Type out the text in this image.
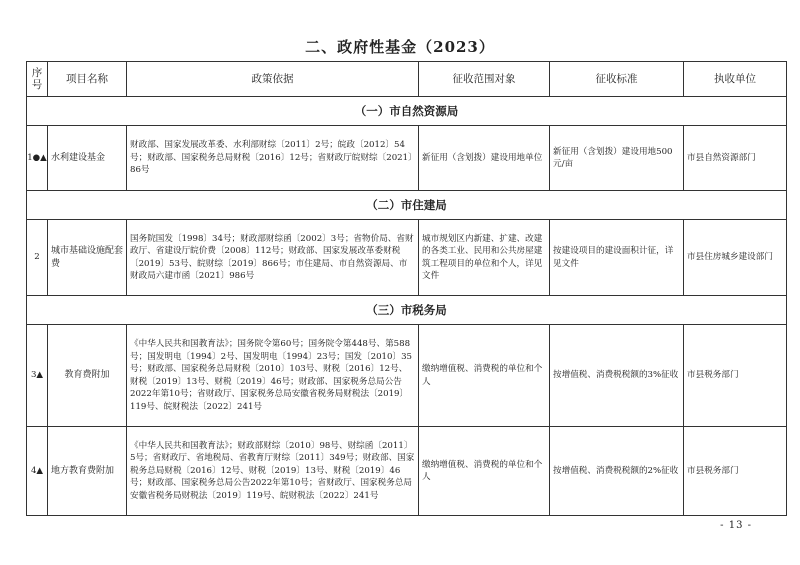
二、政府性基金（2023）
序号	项目名称	政策依据	征收范围对象	征收标准	执收单位
（一）市自然资源局					
1●▲	水利建设基金	财政部、国家发展改革委、水利部财综〔2011〕2号；皖政〔2012〕54号；财政部、国家税务总局财税〔2016〕12号；省财政厅皖财综〔2021〕86号	新征用（含划拨）建设用地单位	新征用（含划拨）建设用地500元/亩	市县自然资源部门
（二）市住建局					
2	城市基础设施配套费	国务院国发〔1998〕34号；财政部财综函〔2002〕3号；省物价局、省财政厅、省建设厅皖价费〔2008〕112号；财政部、国家发展改革委财税〔2019〕53号、皖财综〔2019〕866号；市住建局、市自然资源局、市财政局六建市函〔2021〕986号	城市规划区内新建、扩建、改建的各类工业、民用和公共房屋建筑工程项目的单位和个人，详见文件	按建设项目的建设面积计征，详见文件	市县住房城乡建设部门
（三）市税务局					
3▲	教育费附加	《中华人民共和国教育法》；国务院令第60号；国务院令第448号、第588号；国发明电〔1994〕2号、国发明电〔1994〕23号；国发〔2010〕35号；财政部、国家税务总局财税〔2010〕103号、财税〔2016〕12号、财税〔2019〕13号、财税〔2019〕46号；财政部、国家税务总局公告2022年第10号；省财政厅、国家税务总局安徽省税务局财税法〔2019〕119号、皖财税法〔2022〕241号	缴纳增值税、消费税的单位和个人	按增值税、消费税税额的3%征收	市县税务部门
4▲	地方教育费附加	《中华人民共和国教育法》；财政部财综〔2010〕98号、财综函〔2011〕5号；省财政厅、省地税局、省教育厅财综〔2011〕349号；财政部、国家税务总局财税〔2016〕12号、财税〔2019〕13号、财税〔2019〕46号；财政部、国家税务总局公告2022年第10号；省财政厅、国家税务总局安徽省税务局财税法〔2019〕119号、皖财税法〔2022〕241号	缴纳增值税、消费税的单位和个人	按增值税、消费税税额的2%征收	市县税务部门
- 13 -
